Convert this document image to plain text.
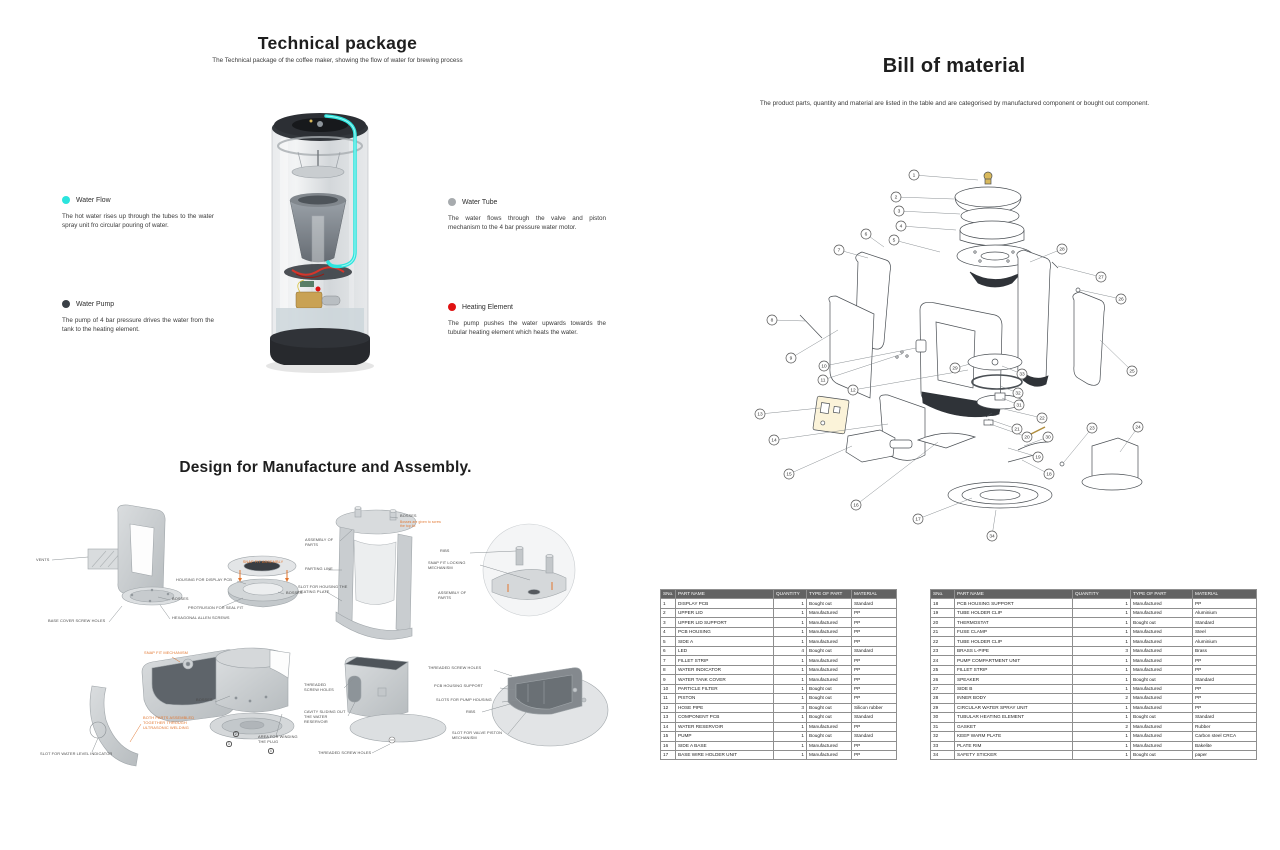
Technical package

The Technical package of the coffee maker, showing the flow of water for brewing process

Water Flow

The hot water rises up through the tubes to the water spray unit fro circular pouring of water.

Water Tube

The water flows through the valve and piston mechanism to the 4 bar pressure water motor.

Water Pump

The pump of 4 bar pressure drives the water from the tank to the heating element.

Heating Element

The pump pushes the water upwards towards the tubular heating element which heats the water.

Design for Manufacture and Assembly.
VENTS
BASE COVER SCREW HOLES
BOSSES
HEXAGONAL ALLEN SCREWS
HOUSING FOR DISPLAY PCB
SNAP FIT ASSEMBLY
PROTRUSION FOR SEAL FIT
BOSSES
BOSSES
Bosses are given to screw the top lid
ASSEMBLY OF PARTS
PARTING LINE
SLOT FOR HOUSING THE HEATING PLATE
RIBS
SNAP FIT LOCKING MECHANISM
ASSEMBLY OF PARTS
SNAP FIT MECHANISM
BOTH PARTS ASSEMBLED TOGETHER THROUGH ULTRASONIC WELDING
SLOT FOR WATER LEVEL INDICATOR
BOSSES
AREA FOR WINDING THE PLUG
THREADED SCREW HOLES
CAVITY SLIDING OUT THE WATER RESERVOIR
THREADED SCREW HOLES
THREADED SCREW HOLES
PCB HOUSING SUPPORT
SLOTS FOR PUMP HOUSING
RIBS
SLOT FOR VALVE PISTON MECHANISM
2
3
4
Bill of material

The product parts, quantity and material are listed in the table and are categorised by manufactured component or bought out component.

1
2
3
4
5
6
7
8
9
10
11
12
13
14
15
16
17
18
19
20
21
22
23	24
25
26
27
28
29
30
31
32
33
34
SNo.	PART NAME	QUANTITY	TYPE OF PART	MATERIAL
1	DISPLAY PCB	1	Bought out	Standard
2	UPPER LID	1	Manufactured	PP
3	UPPER LID SUPPORT	1	Manufactured	PP
4	PCB HOUSING	1	Manufactured	PP
5	SIDE A	1	Manufactured	PP
6	LED	4	Bought out	Standard
7	FILLET STRIP	1	Manufactured	PP
8	WATER INDICATOR	1	Manufactured	PP
9	WATER TANK COVER	1	Manufactured	PP
10	PARTICLE FILTER	1	Bought out	PP
11	PISTON	1	Bought out	PP
12	HOSE PIPE	3	Bought out	Silicon rubber
13	COMPONENT PCB	1	Bought out	Standard
14	WATER RESERVOIR	1	Manufactured	PP
15	PUMP	1	Bought out	Standard
16	SIDE A BASE	1	Manufactured	PP
17	BASE WIRE HOLDER UNIT	1	Manufactured	PP
SNo.	PART NAME	QUANTITY	TYPE OF PART	MATERIAL
18	PCB HOUSING SUPPORT	1	Manufactured	PP
19	TUBE HOLDER CLIP	1	Manufactured	Aluminium
20	THERMOSTAT	1	Bought out	Standard
21	FUSE CLAMP	1	Manufactured	Steel
22	TUBE HOLDER CLIP	1	Manufactured	Aluminium
23	BRASS L-PIPE	3	Manufactured	Brass
24	PUMP COMPARTMENT UNIT	1	Manufactured	PP
25	FILLET STRIP	1	Manufactured	PP
26	SPEAKER	1	Bought out	Standard
27	SIDE B	1	Manufactured	PP
28	INNER BODY	2	Manufactured	PP
29	CIRCULAR WATER SPRAY UNIT	1	Manufactured	PP
30	TUBULAR HEATING ELEMENT	1	Bought out	Standard
31	GASKET	2	Manufactured	Rubber
32	KEEP WARM PLATE	1	Manufactured	Carbon steel CRCA
33	PLATE RIM	1	Manufactured	Bakelite
34	SAFETY STICKER	1	Bought out	paper
